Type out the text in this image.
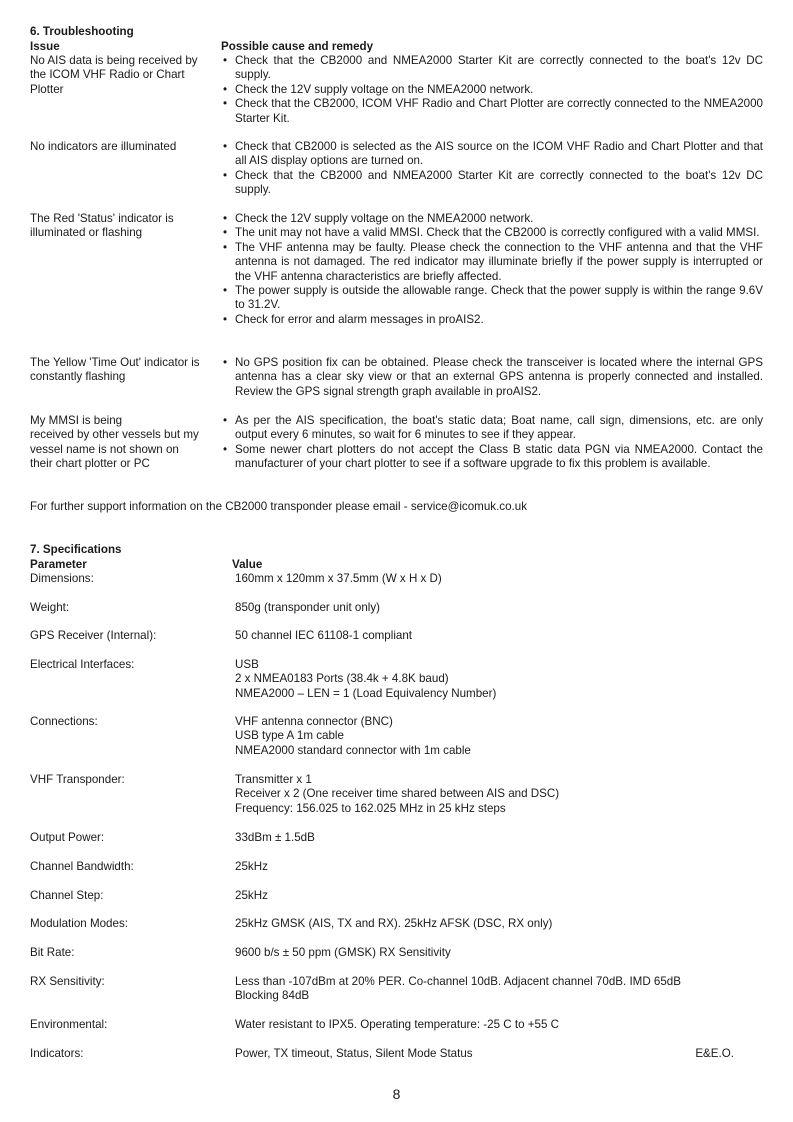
6. Troubleshooting
Issue	Possible cause and remedy
No AIS data is being received by
the ICOM VHF Radio or Chart
Plotter
• Check that the CB2000 and NMEA2000 Starter Kit are correctly connected to the boat's 12v DC supply.
• Check the 12V supply voltage on the NMEA2000 network.
• Check that the CB2000, ICOM VHF Radio and Chart Plotter are correctly connected to the NMEA2000 Starter Kit.
No indicators are illuminated
•	Check that CB2000 is selected as the AIS source on the ICOM VHF Radio and Chart Plotter and that all AIS display options are turned on.
• Check that the CB2000 and NMEA2000 Starter Kit are correctly connected to the boat's 12v DC supply.
The Red 'Status' indicator is
illuminated or flashing
• Check the 12V supply voltage on the NMEA2000 network.
• The unit may not have a valid MMSI. Check that the CB2000 is correctly configured with a valid MMSI.
• The VHF antenna may be faulty. Please check the connection to the VHF antenna and that the VHF antenna is not damaged. The red indicator may illuminate briefly if the power supply is interrupted or the VHF antenna characteristics are briefly affected.
• The power supply is outside the allowable range. Check that the power supply is within the range 9.6V to 31.2V.
• Check for error and alarm messages in proAIS2.
The Yellow 'Time Out' indicator is
constantly flashing
• No GPS position fix can be obtained. Please check the transceiver is located where the internal GPS antenna has a clear sky view or that an external GPS antenna is properly connected and installed. Review the GPS signal strength graph available in proAIS2.
My MMSI is being
received by other vessels but my
vessel name is not shown on
their chart plotter or PC
• As per the AIS specification, the boat's static data; Boat name, call sign, dimensions, etc. are only output every 6 minutes, so wait for 6 minutes to see if they appear.
• Some newer chart plotters do not accept the Class B static data PGN via NMEA2000. Contact the manufacturer of your chart plotter to see if a software upgrade to fix this problem is available.
For further support information on the CB2000 transponder please email - service@icomuk.co.uk
7. Specifications
Parameter	Value
Dimensions:	160mm x 120mm x 37.5mm (W x H x D)
Weight:	850g (transponder unit only)
GPS Receiver (Internal):	50 channel IEC 61108-1 compliant
Electrical Interfaces:	USB
2 x NMEA0183 Ports (38.4k + 4.8K baud)
NMEA2000 – LEN = 1 (Load Equivalency Number)
Connections:	VHF antenna connector (BNC)
USB type A 1m cable
NMEA2000 standard connector with 1m cable
VHF Transponder:	Transmitter x 1
Receiver x 2 (One receiver time shared between AIS and DSC)
Frequency: 156.025 to 162.025 MHz in 25 kHz steps
Output Power:	33dBm ± 1.5dB
Channel Bandwidth:	25kHz
Channel Step:	25kHz
Modulation Modes:	25kHz GMSK (AIS, TX and RX). 25kHz AFSK (DSC, RX only)
Bit Rate:	9600 b/s ± 50 ppm (GMSK) RX Sensitivity
RX Sensitivity:	Less than -107dBm at 20% PER. Co-channel 10dB. Adjacent channel 70dB. IMD 65dB
Blocking 84dB
Environmental:	Water resistant to IPX5. Operating temperature: -25 C to +55 C
Indicators:	Power, TX timeout, Status, Silent Mode Status	E&E.O.
8
